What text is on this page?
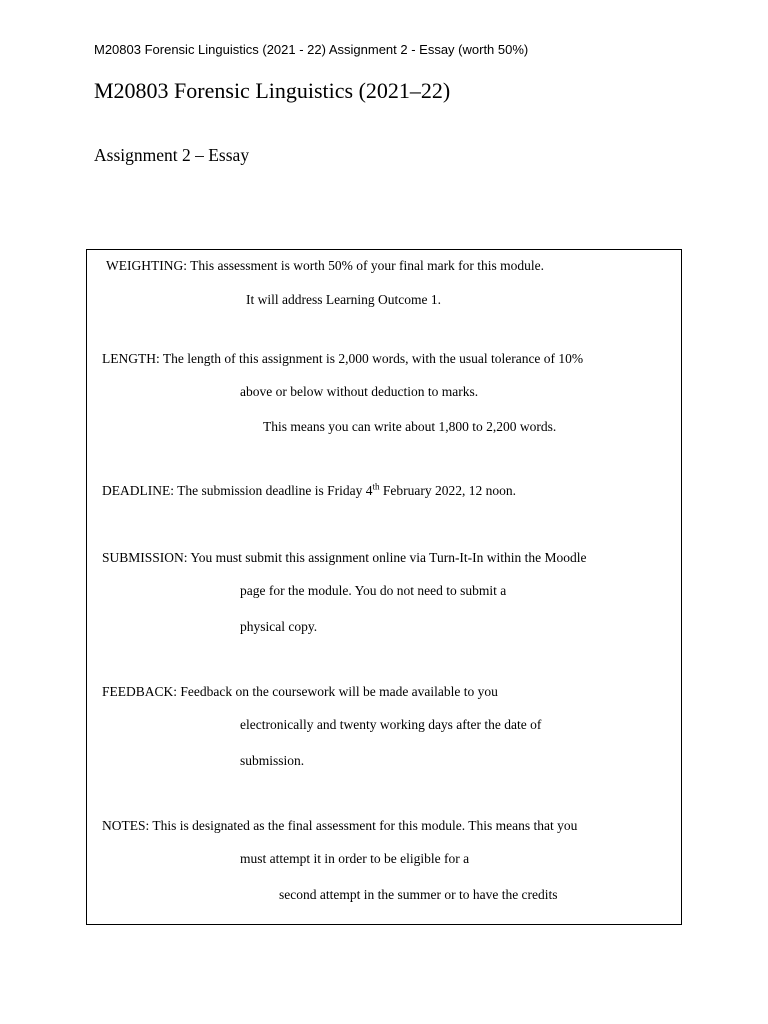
M20803 Forensic Linguistics (2021 - 22) Assignment 2 - Essay (worth 50%)
M20803 Forensic Linguistics (2021–22)
Assignment 2 – Essay
WEIGHTING: This assessment is worth 50% of your final mark for this module.
It will address Learning Outcome 1.
LENGTH: The length of this assignment is 2,000 words, with the usual tolerance of 10%
above or below without deduction to marks.
This means you can write about 1,800 to 2,200 words.
DEADLINE: The submission deadline is Friday 4th February 2022, 12 noon.
SUBMISSION: You must submit this assignment online via Turn-It-In within the Moodle
page for the module. You do not need to submit a
physical copy.
FEEDBACK: Feedback on the coursework will be made available to you
electronically and twenty working days after the date of
submission.
NOTES: This is designated as the final assessment for this module. This means that you
must attempt it in order to be eligible for a
second attempt in the summer or to have the credits
